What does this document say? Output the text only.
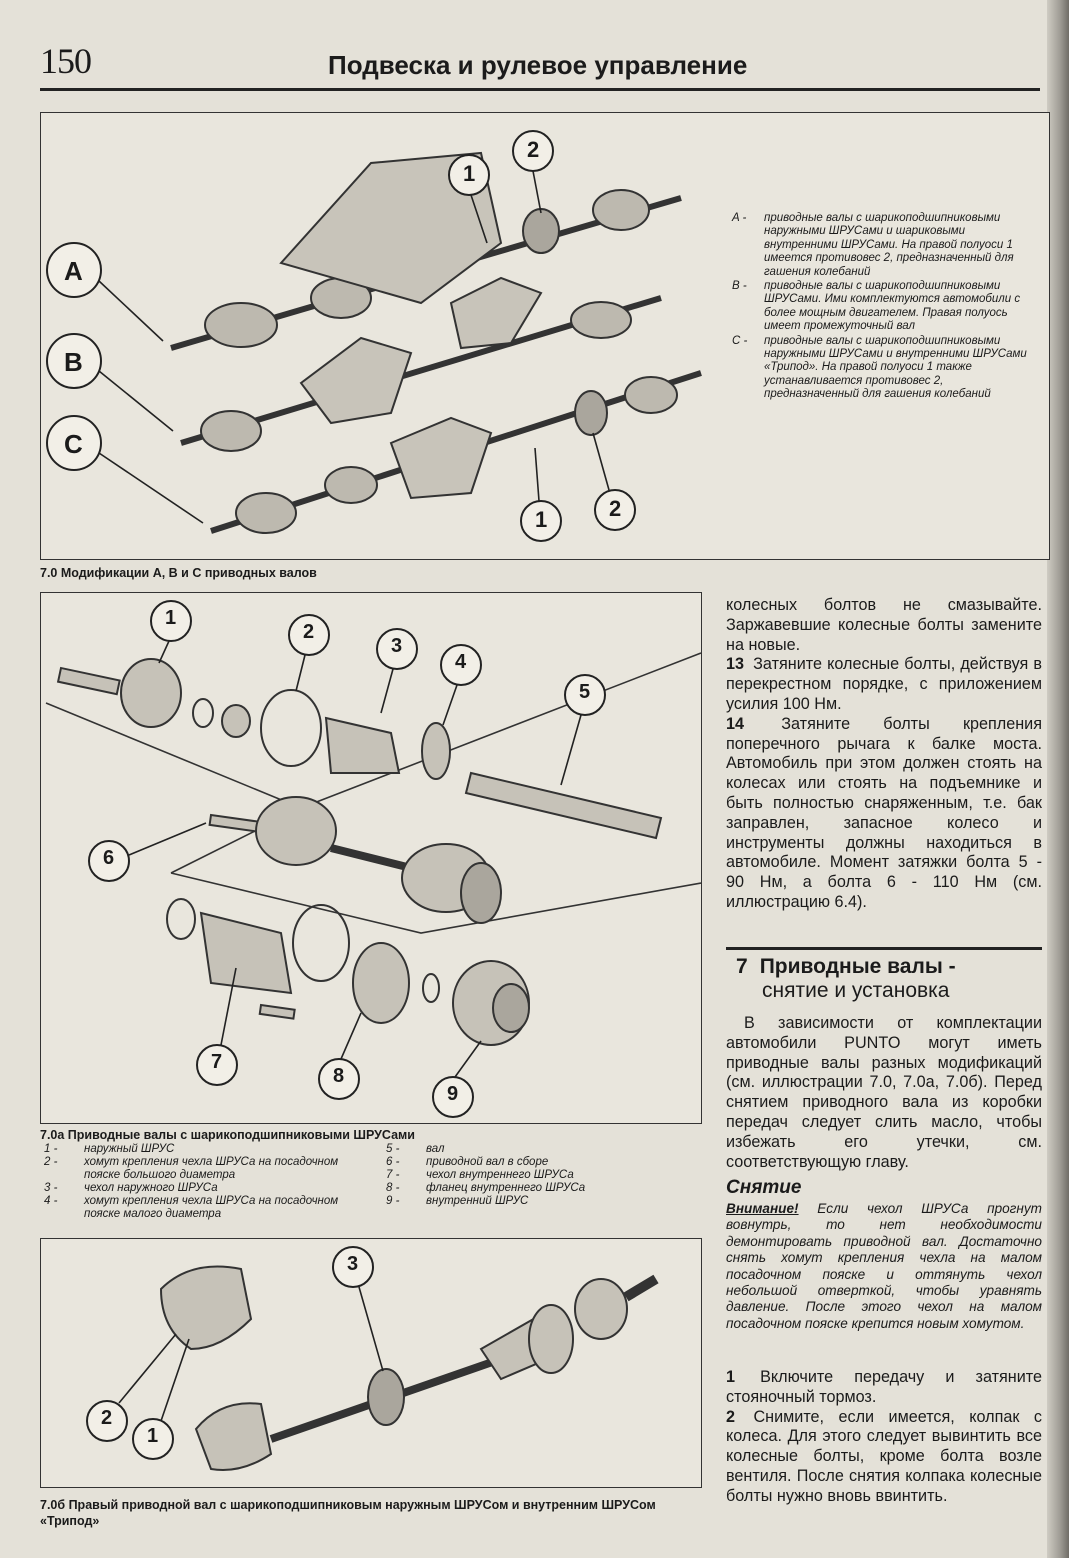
150	Подвеска и рулевое управление
A
B
C
1
2
1	2
A -	приводные валы с шарикоподшипниковыми наружными ШРУСами и шариковыми внутренними ШРУСами. На правой полуоси 1 имеется противовес 2, предназначенный для гашения колебаний
B -	приводные валы с шарикоподшипниковыми ШРУСами. Ими комплектуются автомобили с более мощным двигателем. Правая полуось имеет промежуточный вал
C -	приводные валы с шарикоподшипниковыми наружными ШРУСами и внутренними ШРУСами «Трипод». На правой полуоси 1 также устанавливается противовес 2, предназначенный для гашения колебаний
7.0 Модификации А, В и С приводных валов
1
2
3
4
5
6
7
8
9
7.0а Приводные валы с шарикоподшипниковыми ШРУСами
1 -	наружный ШРУС
2 -	хомут крепления чехла ШРУСа на посадочном пояске большого диаметра
3 -	чехол наружного ШРУСа
4 -	хомут крепления чехла ШРУСа на посадочном пояске малого диаметра
5 -	вал
6 -	приводной вал в сборе
7 -	чехол внутреннего ШРУСа
8 -	фланец внутреннего ШРУСа
9 -	внутренний ШРУС
3
2
1
7.0б Правый приводной вал с шарикоподшипниковым наружным ШРУСом и внутренним ШРУСом «Трипод»

колесных болтов не смазывайте. Заржавевшие колесные болты замените на новые.

13 Затяните колесные болты, действуя в перекрестном порядке, с приложением усилия 100 Нм.

14 Затяните болты крепления поперечного рычага к балке моста. Автомобиль при этом должен стоять на колесах или стоять на подъемнике и быть полностью снаряженным, т.е. бак заправлен, запасное колесо и инструменты должны находиться в автомобиле. Момент затяжки болта 5 - 90 Нм, а болта 6 - 110 Нм (см. иллюстрацию 6.4).

7 Приводные валы -
снятие и установка

В зависимости от комплектации автомобили PUNTO могут иметь приводные валы разных модификаций (см. иллюстрации 7.0, 7.0а, 7.0б). Перед снятием приводного вала из коробки передач следует слить масло, чтобы избежать его утечки, см. соответствующую главу.

Снятие
Внимание! Если чехол ШРУСа прогнут вовнутрь, то нет необходимости демонтировать приводной вал. Достаточно снять хомут крепления чехла на малом посадочном пояске и оттянуть чехол небольшой отверткой, чтобы уравнять давление. После этого чехол на малом посадочном пояске крепится новым хомутом.

1 Включите передачу и затяните стояночный тормоз.

2 Снимите, если имеется, колпак с колеса. Для этого следует вывинтить все колесные болты, кроме болта возле вентиля. После снятия колпака колесные болты нужно вновь ввинтить.
